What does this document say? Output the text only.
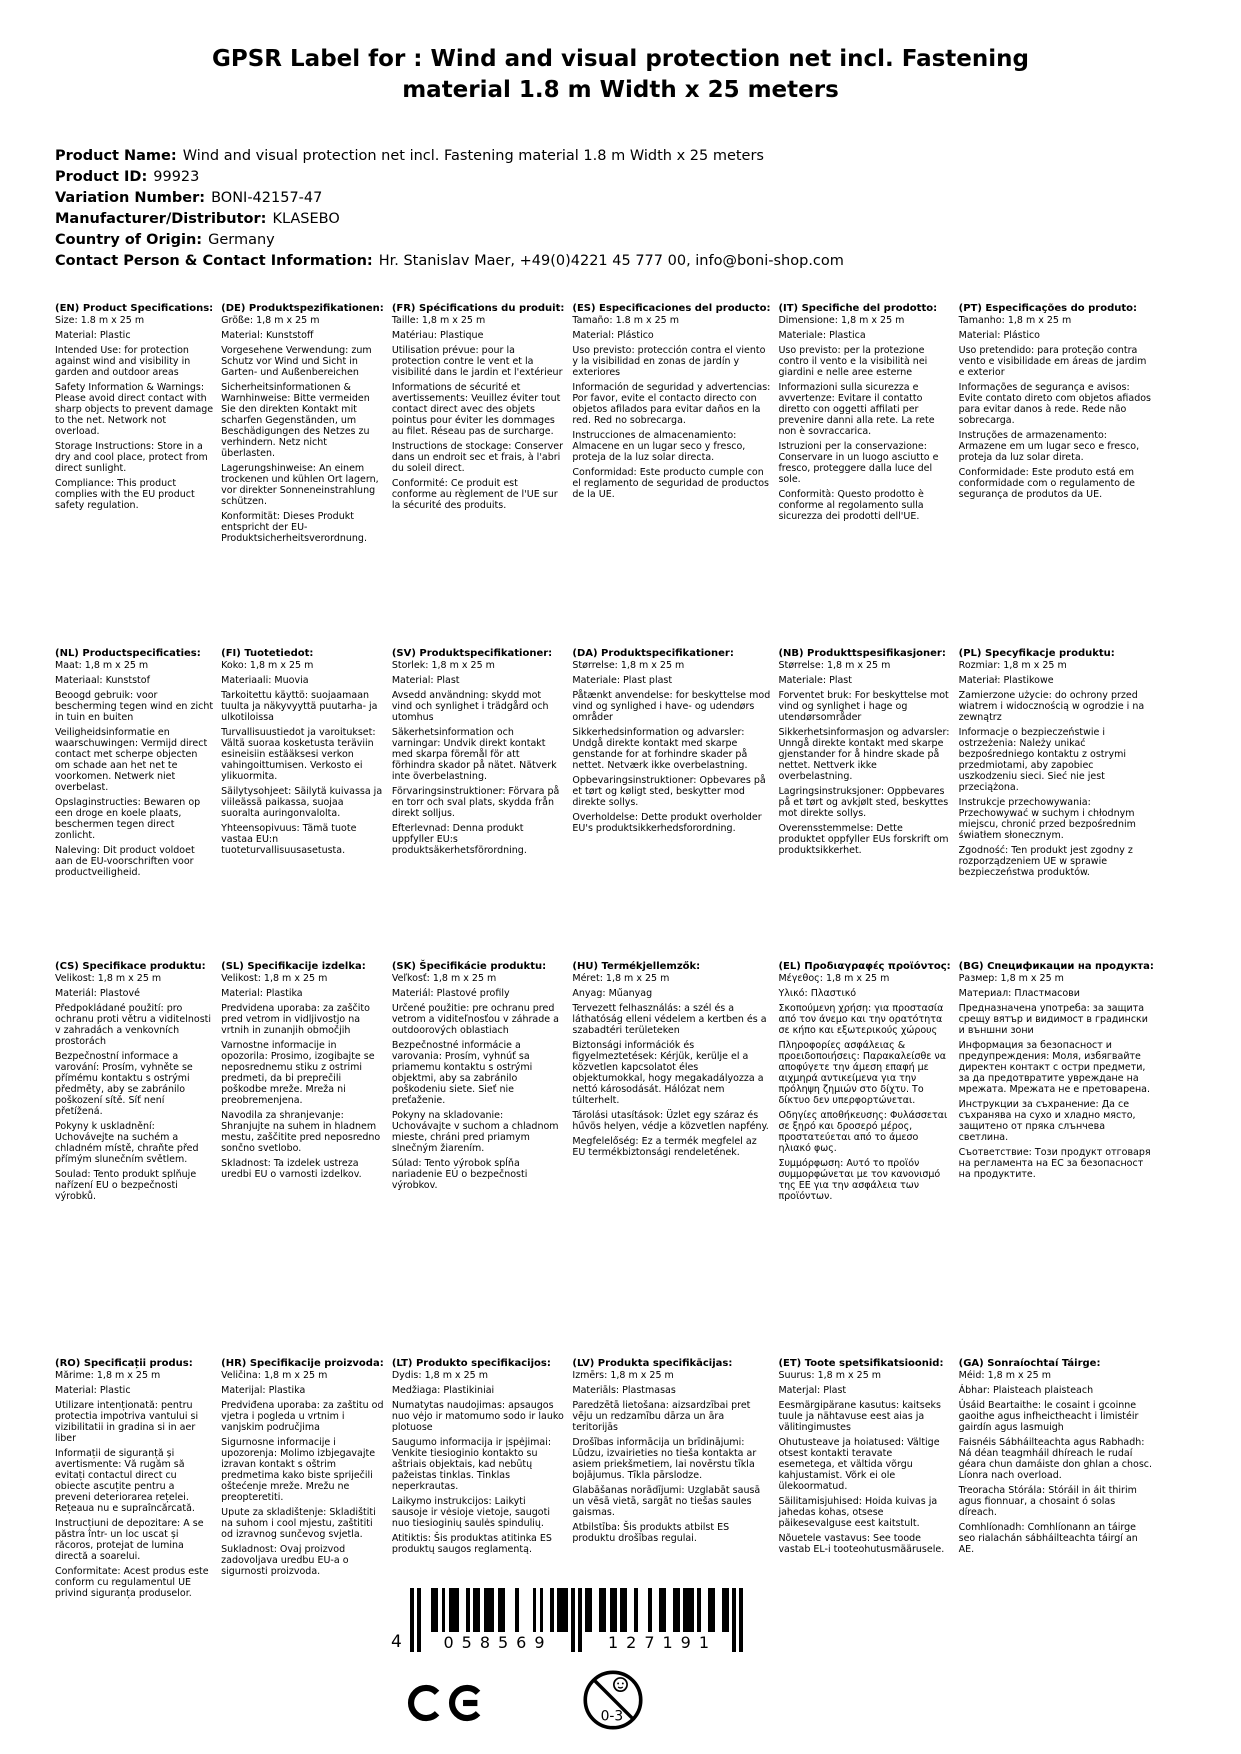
GPSR Label for : Wind and visual protection net incl. Fastening material 1.8 m Width x 25 meters
Product Name: Wind and visual protection net incl. Fastening material 1.8 m Width x 25 meters
Product ID: 99923
Variation Number: BONI-42157-47
Manufacturer/Distributor: KLASEBO
Country of Origin: Germany
Contact Person & Contact Information: Hr. Stanislav Maer, +49(0)4221 45 777 00, info@boni-shop.com
(EN) Product Specifications:

Size: 1.8 m x 25 m

Material: Plastic

Intended Use: for protection against wind and visibility in garden and outdoor areas

Safety Information & Warnings: Please avoid direct contact with sharp objects to prevent damage to the net. Network not overload.

Storage Instructions: Store in a dry and cool place, protect from direct sunlight.

Compliance: This product complies with the EU product safety regulation.

(DE) Produktspezifikationen:

Größe: 1,8 m x 25 m

Material: Kunststoff

Vorgesehene Verwendung: zum Schutz vor Wind und Sicht in Garten- und Außenbereichen

Sicherheitsinformationen & Warnhinweise: Bitte vermeiden Sie den direkten Kontakt mit scharfen Gegenständen, um Beschädigungen des Netzes zu verhindern. Netz nicht überlasten.

Lagerungshinweise: An einem trockenen und kühlen Ort lagern, vor direkter Sonneneinstrahlung schützen.

Konformität: Dieses Produkt entspricht der EU-Produktsicherheitsverordnung.

(FR) Spécifications du produit:

Taille: 1,8 m x 25 m

Matériau: Plastique

Utilisation prévue: pour la protection contre le vent et la visibilité dans le jardin et l'extérieur

Informations de sécurité et avertissements: Veuillez éviter tout contact direct avec des objets pointus pour éviter les dommages au filet. Réseau pas de surcharge.

Instructions de stockage: Conserver dans un endroit sec et frais, à l'abri du soleil direct.

Conformité: Ce produit est conforme au règlement de l'UE sur la sécurité des produits.

(ES) Especificaciones del producto:

Tamaño: 1.8 m x 25 m

Material: Plástico

Uso previsto: protección contra el viento y la visibilidad en zonas de jardín y exteriores

Información de seguridad y advertencias: Por favor, evite el contacto directo con objetos afilados para evitar daños en la red. Red no sobrecarga.

Instrucciones de almacenamiento: Almacene en un lugar seco y fresco, proteja de la luz solar directa.

Conformidad: Este producto cumple con el reglamento de seguridad de productos de la UE.

(IT) Specifiche del prodotto:

Dimensione: 1,8 m x 25 m

Materiale: Plastica

Uso previsto: per la protezione contro il vento e la visibilità nei giardini e nelle aree esterne

Informazioni sulla sicurezza e avvertenze: Evitare il contatto diretto con oggetti affilati per prevenire danni alla rete. La rete non è sovraccarica.

Istruzioni per la conservazione: Conservare in un luogo asciutto e fresco, proteggere dalla luce del sole.

Conformità: Questo prodotto è conforme al regolamento sulla sicurezza dei prodotti dell'UE.

(PT) Especificações do produto:

Tamanho: 1,8 m x 25 m

Material: Plástico

Uso pretendido: para proteção contra vento e visibilidade em áreas de jardim e exterior

Informações de segurança e avisos: Evite contato direto com objetos afiados para evitar danos à rede. Rede não sobrecarga.

Instruções de armazenamento: Armazene em um lugar seco e fresco, proteja da luz solar direta.

Conformidade: Este produto está em conformidade com o regulamento de segurança de produtos da UE.

(NL) Productspecificaties:

Maat: 1,8 m x 25 m

Materiaal: Kunststof

Beoogd gebruik: voor bescherming tegen wind en zicht in tuin en buiten

Veiligheidsinformatie en waarschuwingen: Vermijd direct contact met scherpe objecten om schade aan het net te voorkomen. Netwerk niet overbelast.

Opslaginstructies: Bewaren op een droge en koele plaats, beschermen tegen direct zonlicht.

Naleving: Dit product voldoet aan de EU-voorschriften voor productveiligheid.

(FI) Tuotetiedot:

Koko: 1,8 m x 25 m

Materiaali: Muovia

Tarkoitettu käyttö: suojaamaan tuulta ja näkyvyyttä puutarha- ja ulkotiloissa

Turvallisuustiedot ja varoitukset: Vältä suoraa kosketusta teräviin esineisiin estääksesi verkon vahingoittumisen. Verkosto ei ylikuormita.

Säilytysohjeet: Säilytä kuivassa ja viileässä paikassa, suojaa suoralta auringonvalolta.

Yhteensopivuus: Tämä tuote vastaa EU:n tuoteturvallisuusasetusta.

(SV) Produktspecifikationer:

Storlek: 1,8 m x 25 m

Material: Plast

Avsedd användning: skydd mot vind och synlighet i trädgård och utomhus

Säkerhetsinformation och varningar: Undvik direkt kontakt med skarpa föremål för att förhindra skador på nätet. Nätverk inte överbelastning.

Förvaringsinstruktioner: Förvara på en torr och sval plats, skydda från direkt solljus.

Efterlevnad: Denna produkt uppfyller EU:s produktsäkerhetsförordning.

(DA) Produktspecifikationer:

Størrelse: 1,8 m x 25 m

Materiale: Plast plast

Påtænkt anvendelse: for beskyttelse mod vind og synlighed i have- og udendørs områder

Sikkerhedsinformation og advarsler: Undgå direkte kontakt med skarpe genstande for at forhindre skader på nettet. Netværk ikke overbelastning.

Opbevaringsinstruktioner: Opbevares på et tørt og køligt sted, beskytter mod direkte sollys.

Overholdelse: Dette produkt overholder EU's produktsikkerhedsforordning.

(NB) Produkttspesifikasjoner:

Størrelse: 1,8 m x 25 m

Materiale: Plast

Forventet bruk: For beskyttelse mot vind og synlighet i hage og utendørsområder

Sikkerhetsinformasjon og advarsler: Unngå direkte kontakt med skarpe gjenstander for å hindre skade på nettet. Nettverk ikke overbelastning.

Lagringsinstruksjoner: Oppbevares på et tørt og avkjølt sted, beskyttes mot direkte sollys.

Overensstemmelse: Dette produktet oppfyller EUs forskrift om produktsikkerhet.

(PL) Specyfikacje produktu:

Rozmiar: 1,8 m x 25 m

Materiał: Plastikowe

Zamierzone użycie: do ochrony przed wiatrem i widocznością w ogrodzie i na zewnątrz

Informacje o bezpieczeństwie i ostrzeżenia: Należy unikać bezpośredniego kontaktu z ostrymi przedmiotami, aby zapobiec uszkodzeniu sieci. Sieć nie jest przeciążona.

Instrukcje przechowywania: Przechowywać w suchym i chłodnym miejscu, chronić przed bezpośrednim światłem słonecznym.

Zgodność: Ten produkt jest zgodny z rozporządzeniem UE w sprawie bezpieczeństwa produktów.

(CS) Specifikace produktu:

Velikost: 1,8 m x 25 m

Materiál: Plastové

Předpokládané použití: pro ochranu proti větru a viditelnosti v zahradách a venkovních prostorách

Bezpečnostní informace a varování: Prosím, vyhněte se přímému kontaktu s ostrými předměty, aby se zabránilo poškození sítě. Síť není přetížená.

Pokyny k uskladnění: Uchovávejte na suchém a chladném místě, chraňte před přímým slunečním světlem.

Soulad: Tento produkt splňuje nařízení EU o bezpečnosti výrobků.

(SL) Specifikacije izdelka:

Velikost: 1,8 m x 25 m

Material: Plastika

Predvidena uporaba: za zaščito pred vetrom in vidljivostjo na vrtnih in zunanjih območjih

Varnostne informacije in opozorila: Prosimo, izogibajte se neposrednemu stiku z ostrimi predmeti, da bi preprečili poškodbe mreže. Mreža ni preobremenjena.

Navodila za shranjevanje: Shranjujte na suhem in hladnem mestu, zaščitite pred neposredno sončno svetlobo.

Skladnost: Ta izdelek ustreza uredbi EU o varnosti izdelkov.

(SK) Špecifikácie produktu:

Veľkosť: 1,8 m x 25 m

Materiál: Plastové profily

Určené použitie: pre ochranu pred vetrom a viditeľnosťou v záhrade a outdoorových oblastiach

Bezpečnostné informácie a varovania: Prosím, vyhnúť sa priamemu kontaktu s ostrými objektmi, aby sa zabránilo poškodeniu siete. Sieť nie preťaženie.

Pokyny na skladovanie: Uchovávajte v suchom a chladnom mieste, chráni pred priamym slnečným žiarením.

Súlad: Tento výrobok spĺňa nariadenie EÚ o bezpečnosti výrobkov.

(HU) Termékjellemzők:

Méret: 1,8 m x 25 m

Anyag: Műanyag

Tervezett felhasználás: a szél és a láthatóság elleni védelem a kertben és a szabadtéri területeken

Biztonsági információk és figyelmeztetések: Kérjük, kerülje el a közvetlen kapcsolatot éles objektumokkal, hogy megakadályozza a nettó károsodását. Hálózat nem túlterhelt.

Tárolási utasítások: Üzlet egy száraz és hűvös helyen, védje a közvetlen napfény.

Megfelelőség: Ez a termék megfelel az EU termékbiztonsági rendeletének.

(EL) Προδιαγραφές προϊόντος:

Μέγεθος: 1,8 m x 25 m

Υλικό: Πλαστικό

Σκοπούμενη χρήση: για προστασία από τον άνεμο και την ορατότητα σε κήπο και εξωτερικούς χώρους

Πληροφορίες ασφάλειας & προειδοποιήσεις: Παρακαλείσθε να αποφύγετε την άμεση επαφή με αιχμηρά αντικείμενα για την πρόληψη ζημιών στο δίχτυ. Το δίκτυο δεν υπερφορτώνεται.

Οδηγίες αποθήκευσης: Φυλάσσεται σε ξηρό και δροσερό μέρος, προστατεύεται από το άμεσο ηλιακό φως.

Συμμόρφωση: Αυτό το προϊόν συμμορφώνεται με τον κανονισμό της ΕΕ για την ασφάλεια των προϊόντων.

(BG) Спецификации на продукта:

Размер: 1,8 m x 25 m

Материал: Пластмасови

Предназначена употреба: за защита срещу вятър и видимост в градински и външни зони

Информация за безопасност и предупреждения: Моля, избягвайте директен контакт с остри предмети, за да предотвратите увреждане на мрежата. Мрежата не е претоварена.

Инструкции за съхранение: Да се съхранява на сухо и хладно място, защитено от пряка слънчева светлина.

Съответствие: Този продукт отговаря на регламента на ЕС за безопасност на продуктите.

(RO) Specificații produs:

Mărime: 1,8 m x 25 m

Material: Plastic

Utilizare intenționată: pentru protectia impotriva vantului si vizibilitatii in gradina si in aer liber

Informații de siguranță și avertismente: Vă rugăm să evitați contactul direct cu obiecte ascuțite pentru a preveni deteriorarea rețelei. Rețeaua nu e supraîncărcată.

Instrucțiuni de depozitare: A se păstra într- un loc uscat și răcoros, protejat de lumina directă a soarelui.

Conformitate: Acest produs este conform cu regulamentul UE privind siguranța produselor.

(HR) Specifikacije proizvoda:

Veličina: 1,8 m x 25 m

Materijal: Plastika

Predviđena uporaba: za zaštitu od vjetra i pogleda u vrtnim i vanjskim područjima

Sigurnosne informacije i upozorenja: Molimo izbjegavajte izravan kontakt s oštrim predmetima kako biste spriječili oštećenje mreže. Mrežu ne preopteretiti.

Upute za skladištenje: Skladištiti na suhom i cool mjestu, zaštititi od izravnog sunčevog svjetla.

Sukladnost: Ovaj proizvod zadovoljava uredbu EU-a o sigurnosti proizvoda.

(LT) Produkto specifikacijos:

Dydis: 1,8 m x 25 m

Medžiaga: Plastikiniai

Numatytas naudojimas: apsaugos nuo vėjo ir matomumo sodo ir lauko plotuose

Saugumo informacija ir įspėjimai: Venkite tiesioginio kontakto su aštriais objektais, kad nebūtų pažeistas tinklas. Tinklas neperkrautas.

Laikymo instrukcijos: Laikyti sausoje ir vėsioje vietoje, saugoti nuo tiesioginių saulės spindulių.

Atitiktis: Šis produktas atitinka ES produktų saugos reglamentą.

(LV) Produkta specifikācijas:

Izmērs: 1,8 m x 25 m

Materiāls: Plastmasas

Paredzētā lietošana: aizsardzībai pret vēju un redzamību dārza un āra teritorijās

Drošības informācija un brīdinājumi: Lūdzu, izvairieties no tieša kontakta ar asiem priekšmetiem, lai novērstu tīkla bojājumus. Tīkla pārslodze.

Glabāšanas norādījumi: Uzglabāt sausā un vēsā vietā, sargāt no tiešas saules gaismas.

Atbilstība: Šis produkts atbilst ES produktu drošības regulai.

(ET) Toote spetsifikatsioonid:

Suurus: 1,8 m x 25 m

Materjal: Plast

Eesmärgipärane kasutus: kaitseks tuule ja nähtavuse eest aias ja välitingimustes

Ohutusteave ja hoiatused: Vältige otsest kontakti teravate esemetega, et vältida võrgu kahjustamist. Võrk ei ole ülekoormatud.

Säilitamisjuhised: Hoida kuivas ja jahedas kohas, otsese päikesevalguse eest kaitstult.

Nõuetele vastavus: See toode vastab EL-i tooteohutusmäärusele.

(GA) Sonraíochtaí Táirge:

Méid: 1,8 m x 25 m

Ábhar: Plaisteach plaisteach

Úsáid Beartaithe: le cosaint i gcoinne gaoithe agus infheictheacht i limistéir gairdín agus lasmuigh

Faisnéis Sábháilteachta agus Rabhadh: Ná déan teagmháil dhíreach le rudaí géara chun damáiste don ghlan a chosc. Líonra nach overload.

Treoracha Stórála: Stóráil in áit thirim agus fionnuar, a chosaint ó solas díreach.

Comhlíonadh: Comhlíonann an táirge seo rialachán sábháilteachta táirgí an AE.

4	058569	127191
0-3
